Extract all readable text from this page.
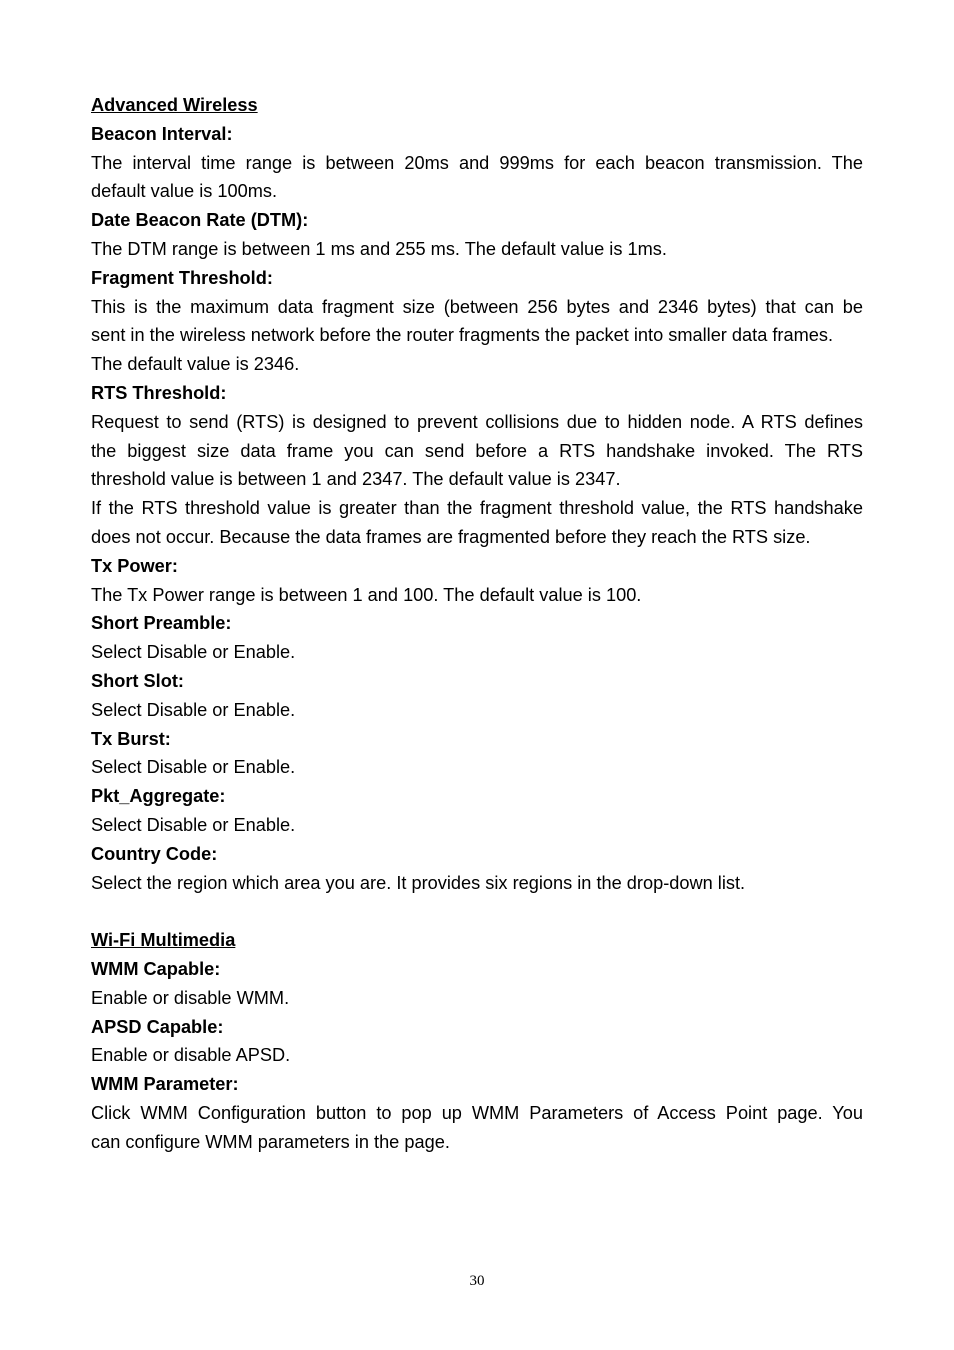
Advanced Wireless
Beacon Interval:
The interval time range is between 20ms and 999ms for each beacon transmission. The
default value is 100ms.
Date Beacon Rate (DTM):
The DTM range is between 1 ms and 255 ms. The default value is 1ms.
Fragment Threshold:
This is the maximum data fragment size (between 256 bytes and 2346 bytes) that can be
sent in the wireless network before the router fragments the packet into smaller data frames.
The default value is 2346.
RTS Threshold:
Request to send (RTS) is designed to prevent collisions due to hidden node. A RTS defines
the biggest size data frame you can send before a RTS handshake invoked. The RTS
threshold value is between 1 and 2347. The default value is 2347.
If the RTS threshold value is greater than the fragment threshold value, the RTS handshake
does not occur. Because the data frames are fragmented before they reach the RTS size.
Tx Power:
The Tx Power range is between 1 and 100. The default value is 100.
Short Preamble:
Select Disable or Enable.
Short Slot:
Select Disable or Enable.
Tx Burst:
Select Disable or Enable.
Pkt_Aggregate:
Select Disable or Enable.
Country Code:
Select the region which area you are. It provides six regions in the drop-down list.
Wi-Fi Multimedia
WMM Capable:
Enable or disable WMM.
APSD Capable:
Enable or disable APSD.
WMM Parameter:
Click WMM Configuration button to pop up WMM Parameters of Access Point page. You
can configure WMM parameters in the page.
30
